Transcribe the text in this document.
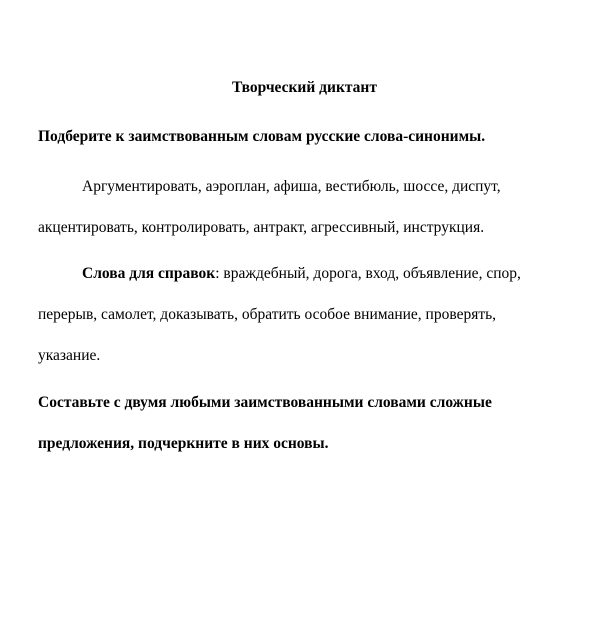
Творческий диктант
Подберите к заимствованным словам русские слова-синонимы.
Аргументировать, аэроплан, афиша, вестибюль, шоссе, диспут,
акцентировать, контролировать, антракт, агрессивный, инструкция.
Слова для справок: враждебный, дорога, вход, объявление, спор,
перерыв, самолет, доказывать, обратить особое внимание, проверять,
указание.
Составьте с двумя любыми заимствованными словами сложные
предложения, подчеркните в них основы.
